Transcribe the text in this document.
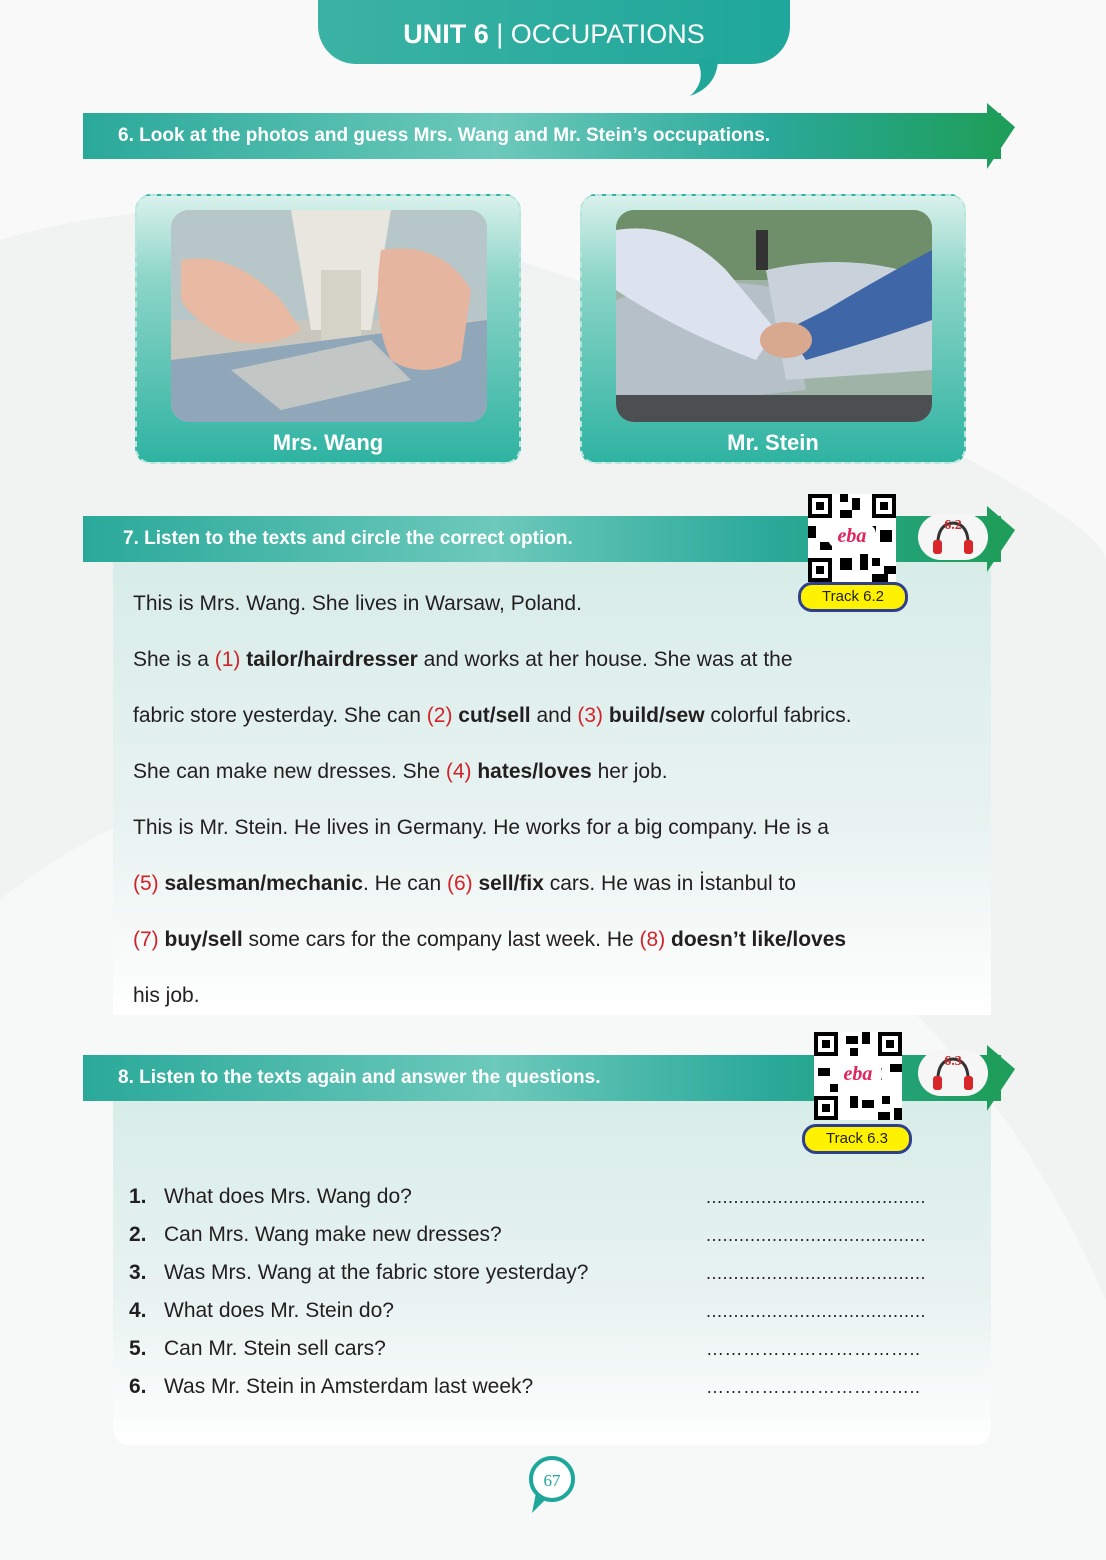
UNIT 6 | OCCUPATIONS
6. Look at the photos and guess Mrs. Wang and Mr. Stein’s occupations.
Mrs. Wang	Mr. Stein
7. Listen to the texts and circle the correct option.	eba
Track 6.2
6.2
This is Mrs. Wang. She lives in Warsaw, Poland.
She is a (1) tailor/hairdresser and works at her house. She was at the
fabric store yesterday. She can (2) cut/sell and (3) build/sew colorful fabrics.
She can make new dresses. She (4) hates/loves her job.
This is Mr. Stein. He lives in Germany. He works for a big company. He is a
(5) salesman/mechanic. He can (6) sell/fix cars. He was in İstanbul to
(7) buy/sell some cars for the company last week. He (8) doesn’t like/loves
his job.
8. Listen to the texts again and answer the questions.	eba
Track 6.3
6.3
1. What does Mrs. Wang do?	........................................
2. Can Mrs. Wang make new dresses?	........................................
3. Was Mrs. Wang at the fabric store yesterday?	........................................
4. What does Mr. Stein do?	........................................
5. Can Mr. Stein sell cars?	……………………………..
6. Was Mr. Stein in Amsterdam last week?	……………………………..
67
